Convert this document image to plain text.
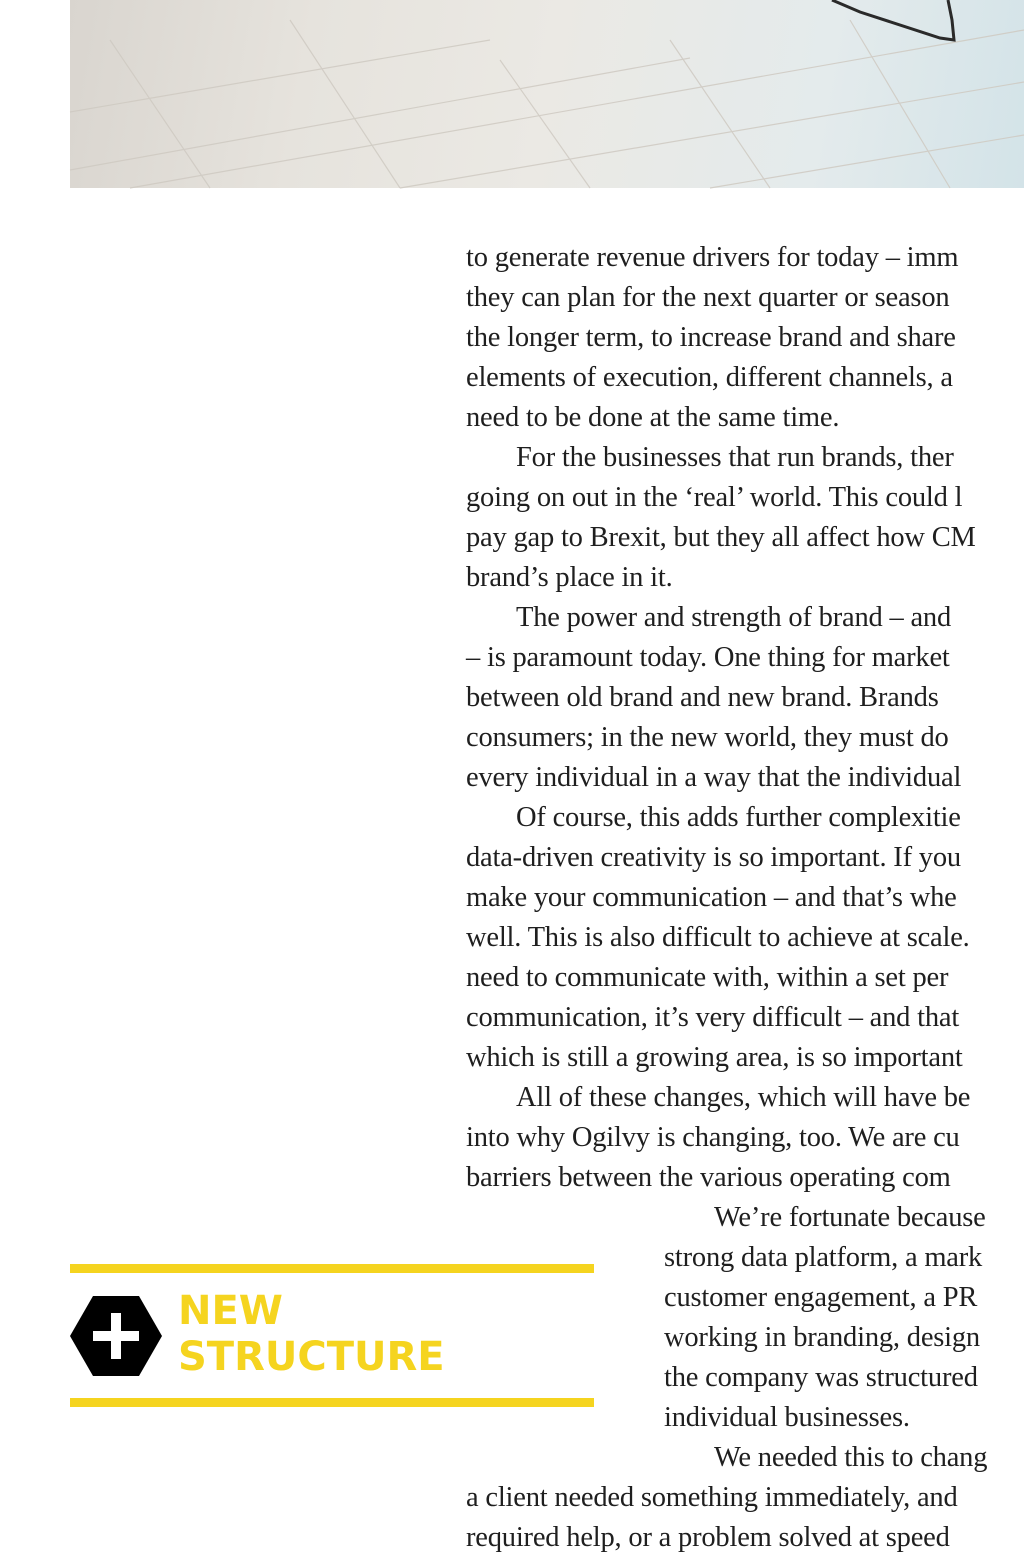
to generate revenue drivers for today – imm
they can plan for the next quarter or season
the longer term, to increase brand and share
elements of execution, different channels, a
need to be done at the same time.
For the businesses that run brands, ther
going on out in the ‘real’ world. This could l
pay gap to Brexit, but they all affect how CM
brand’s place in it.
The power and strength of brand – and
– is paramount today. One thing for market
between old brand and new brand. Brands
consumers; in the new world, they must do
every individual in a way that the individual
Of course, this adds further complexitie
data-driven creativity is so important. If you
make your communication – and that’s whe
well. This is also difficult to achieve at scale.
need to communicate with, within a set per
communication, it’s very difficult – and that
which is still a growing area, is so important
All of these changes, which will have be
into why Ogilvy is changing, too. We are cu
barriers between the various operating com
We’re fortunate because
strong data platform, a mark
customer engagement, a PR
working in branding, design
the company was structured
individual businesses.
We needed this to chang
a client needed something immediately, and
required help, or a problem solved at speed
NEW
STRUCTURE
